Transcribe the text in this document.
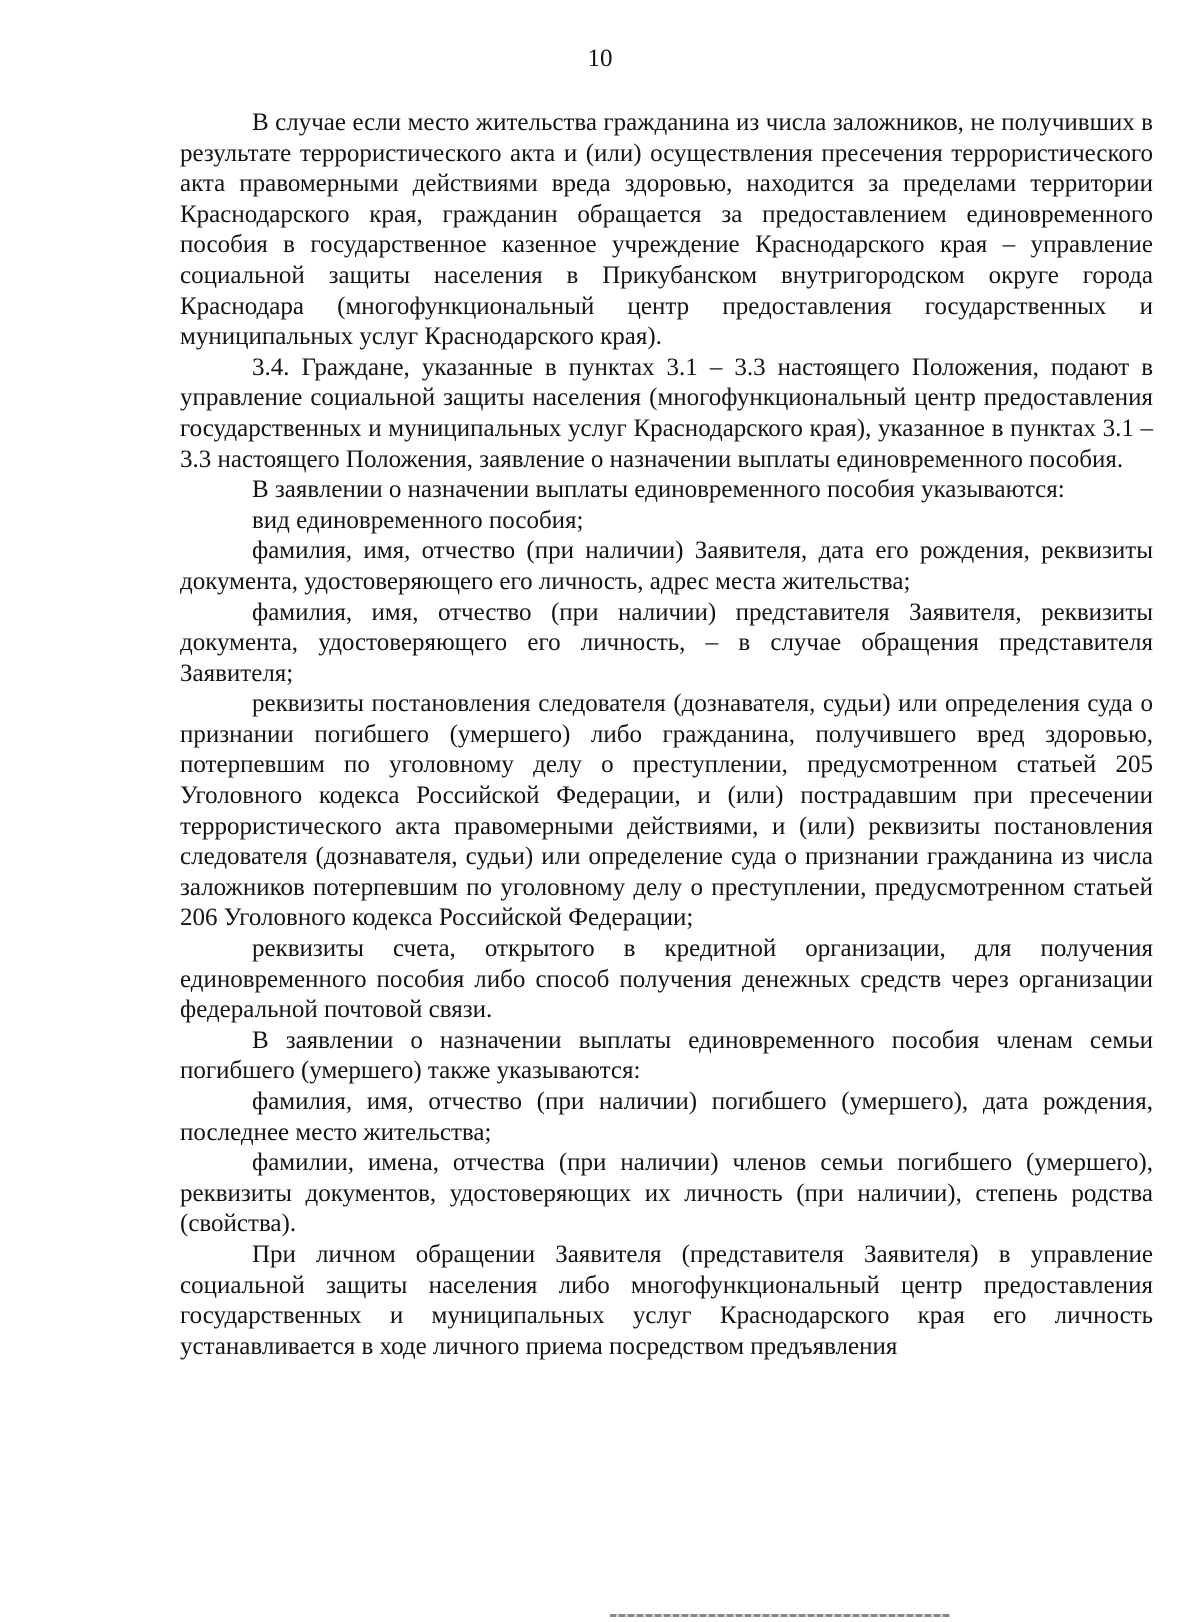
10

В случае если место жительства гражданина из числа заложников, не получивших в результате террористического акта и (или) осуществления пресечения террористического акта правомерными действиями вреда здоровью, находится за пределами территории Краснодарского края, гражданин обращается за предоставлением единовременного пособия в государственное казенное учреждение Краснодарского края – управление социальной защиты населения в Прикубанском внутригородском округе города Краснодара (многофункциональный центр предоставления государственных и муниципальных услуг Краснодарского края).

3.4. Граждане, указанные в пунктах 3.1 – 3.3 настоящего Положения, подают в управление социальной защиты населения (многофункциональный центр предоставления государственных и муниципальных услуг Краснодарского края), указанное в пунктах 3.1 – 3.3 настоящего Положения, заявление о назначении выплаты единовременного пособия.

В заявлении о назначении выплаты единовременного пособия указываются:

вид единовременного пособия;

фамилия, имя, отчество (при наличии) Заявителя, дата его рождения, реквизиты документа, удостоверяющего его личность, адрес места жительства;

фамилия, имя, отчество (при наличии) представителя Заявителя, реквизиты документа, удостоверяющего его личность, – в случае обращения представителя Заявителя;

реквизиты постановления следователя (дознавателя, судьи) или определения суда о признании погибшего (умершего) либо гражданина, получившего вред здоровью, потерпевшим по уголовному делу о преступлении, предусмотренном статьей 205 Уголовного кодекса Российской Федерации, и (или) пострадавшим при пресечении террористического акта правомерными действиями, и (или) реквизиты постановления следователя (дознавателя, судьи) или определение суда о признании гражданина из числа заложников потерпевшим по уголовному делу о преступлении, предусмотренном статьей 206 Уголовного кодекса Российской Федерации;

реквизиты счета, открытого в кредитной организации, для получения единовременного пособия либо способ получения денежных средств через организации федеральной почтовой связи.

В заявлении о назначении выплаты единовременного пособия членам семьи погибшего (умершего) также указываются:

фамилия, имя, отчество (при наличии) погибшего (умершего), дата рождения, последнее место жительства;

фамилии, имена, отчества (при наличии) членов семьи погибшего (умершего), реквизиты документов, удостоверяющих их личность (при наличии), степень родства (свойства).

При личном обращении Заявителя (представителя Заявителя) в управление социальной защиты населения либо многофункциональный центр предоставления государственных и муниципальных услуг Краснодарского края его личность устанавливается в ходе личного приема посредством предъявления
